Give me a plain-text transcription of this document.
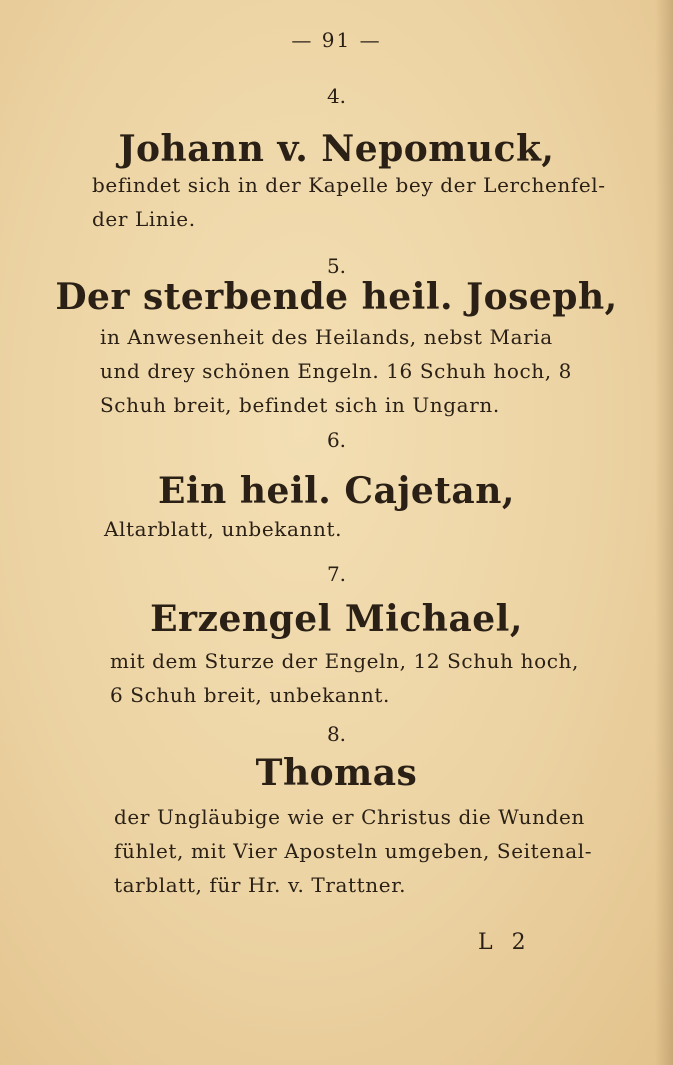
— 91 —
4.
Johann v. Nepomuck,
befindet sich in der Kapelle bey der Lerchenfel-
der Linie.
5.
Der sterbende heil. Joseph,
in Anwesenheit des Heilands, nebst Maria
und drey schönen Engeln. 16 Schuh hoch, 8
Schuh breit, befindet sich in Ungarn.
6.
Ein heil. Cajetan,
Altarblatt, unbekannt.
7.
Erzengel Michael,
mit dem Sturze der Engeln, 12 Schuh hoch,
6 Schuh breit, unbekannt.
8.
Thomas
der Ungläubige wie er Christus die Wunden
fühlet, mit Vier Aposteln umgeben, Seitenal-
tarblatt, für Hr. v. Trattner.
L 2
